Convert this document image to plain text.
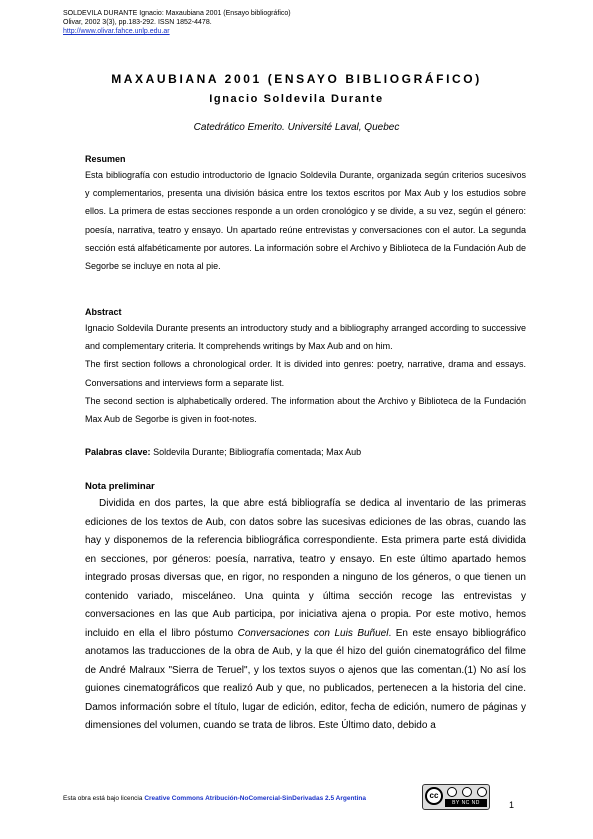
SOLDEVILA DURANTE Ignacio: Maxaubiana 2001 (Ensayo bibliográfico)
Olivar, 2002 3(3), pp.183-292. ISSN 1852-4478.
http://www.olivar.fahce.unlp.edu.ar
MAXAUBIANA 2001 (ENSAYO BIBLIOGRÁFICO)
Ignacio Soldevila Durante
Catedrático Emerito. Université Laval, Quebec
Resumen

Esta bibliografía con estudio introductorio de Ignacio Soldevila Durante, organizada según criterios sucesivos y complementarios, presenta una división básica entre los textos escritos por Max Aub y los estudios sobre ellos. La primera de estas secciones responde a un orden cronológico y se divide, a su vez, según el género: poesía, narrativa, teatro y ensayo. Un apartado reúne entrevistas y conversaciones con el autor. La segunda sección está alfabéticamente por autores. La información sobre el Archivo y Biblioteca de la Fundación Aub de Segorbe se incluye en nota al pie.

Abstract

Ignacio Soldevila Durante presents an introductory study and a bibliography arranged according to successive and complementary criteria. It comprehends writings by Max Aub and on him.

The first section follows a chronological order. It is divided into genres: poetry, narrative, drama and essays. Conversations and interviews form a separate list.

The second section is alphabetically ordered. The information about the Archivo y Biblioteca de la Fundación Max Aub de Segorbe is given in foot-notes.

Palabras clave: Soldevila Durante; Bibliografía comentada; Max Aub
Nota preliminar

Dividida en dos partes, la que abre está bibliografía se dedica al inventario de las primeras ediciones de los textos de Aub, con datos sobre las sucesivas ediciones de las obras, cuando las hay y disponemos de la referencia bibliográfica correspondiente. Esta primera parte está dividida en secciones, por géneros: poesía, narrativa, teatro y ensayo. En este último apartado hemos integrado prosas diversas que, en rigor, no responden a ninguno de los géneros, o que tienen un contenido variado, misceláneo. Una quinta y última sección recoge las entrevistas y conversaciones en las que Aub participa, por iniciativa ajena o propia. Por este motivo, hemos incluido en ella el libro póstumo Conversaciones con Luis Buñuel. En este ensayo bibliográfico anotamos las traducciones de la obra de Aub, y la que él hizo del guión cinematográfico del filme de André Malraux "Sierra de Teruel", y los textos suyos o ajenos que las comentan.(1) No así los guiones cinematográficos que realizó Aub y que, no publicados, pertenecen a la historia del cine. Damos información sobre el título, lugar de edición, editor, fecha de edición, numero de páginas y dimensiones del volumen, cuando se trata de libros. Este Último dato, debido a

Esta obra está bajo licencia Creative Commons Atribución-NoComercial-SinDerivadas 2.5 Argentina	cc
BY NC ND	1
